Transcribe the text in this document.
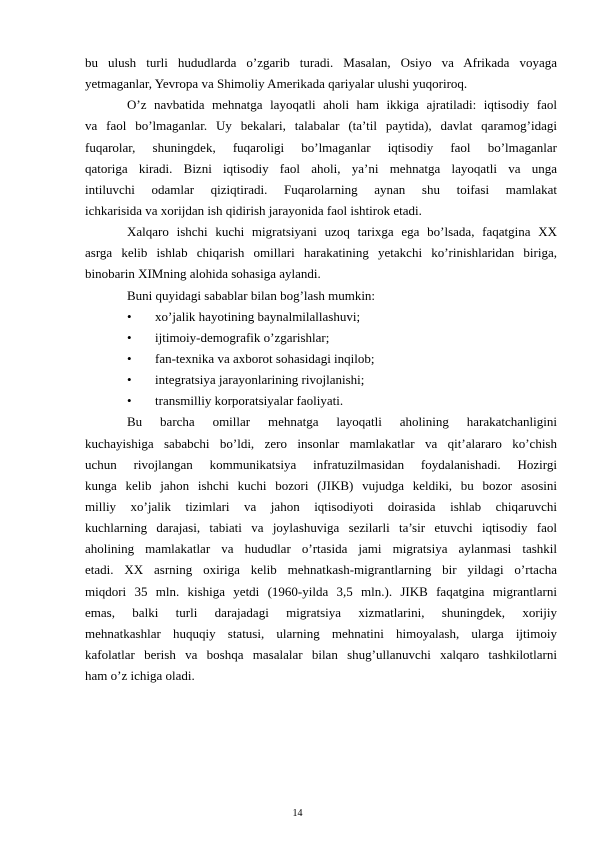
bu ulush turli hududlarda o’zgarib turadi. Masalan, Osiyo va Afrikada voyaga
yetmaganlar, Yevropa va Shimoliy Amerikada qariyalar ulushi yuqoriroq.
O’z navbatida mehnatga layoqatli aholi ham ikkiga ajratiladi: iqtisodiy faol
va faol bo’lmaganlar. Uy bekalari, talabalar (ta’til paytida), davlat qaramog’idagi
fuqarolar, shuningdek, fuqaroligi bo’lmaganlar iqtisodiy faol bo’lmaganlar
qatoriga kiradi. Bizni iqtisodiy faol aholi, ya’ni mehnatga layoqatli va unga
intiluvchi odamlar qiziqtiradi. Fuqarolarning aynan shu toifasi mamlakat
ichkarisida va xorijdan ish qidirish jarayonida faol ishtirok etadi.
Xalqaro ishchi kuchi migratsiyani uzoq tarixga ega bo’lsada, faqatgina XX
asrga kelib ishlab chiqarish omillari harakatining yetakchi ko’rinishlaridan biriga,
binobarin XIMning alohida sohasiga aylandi.
Buni quyidagi sabablar bilan bog’lash mumkin:
•	xo’jalik hayotining baynalmilallashuvi;
•	ijtimoiy-demografik o’zgarishlar;
•	fan-texnika va axborot sohasidagi inqilob;
•	integratsiya jarayonlarining rivojlanishi;
•	transmilliy korporatsiyalar faoliyati.
Bu barcha omillar mehnatga layoqatli aholining harakatchanligini
kuchayishiga sababchi bo’ldi, zero insonlar mamlakatlar va qit’alararo ko’chish
uchun rivojlangan kommunikatsiya infratuzilmasidan foydalanishadi. Hozirgi
kunga kelib jahon ishchi kuchi bozori (JIKB) vujudga keldiki, bu bozor asosini
milliy xo’jalik tizimlari va jahon iqtisodiyoti doirasida ishlab chiqaruvchi
kuchlarning darajasi, tabiati va joylashuviga sezilarli ta’sir etuvchi iqtisodiy faol
aholining mamlakatlar va hududlar o’rtasida jami migratsiya aylanmasi tashkil
etadi. XX asrning oxiriga kelib mehnatkash-migrantlarning bir yildagi o’rtacha
miqdori 35 mln. kishiga yetdi (1960-yilda 3,5 mln.). JIKB faqatgina migrantlarni
emas, balki turli darajadagi migratsiya xizmatlarini, shuningdek, xorijiy
mehnatkashlar huquqiy statusi, ularning mehnatini himoyalash, ularga ijtimoiy
kafolatlar berish va boshqa masalalar bilan shug’ullanuvchi xalqaro tashkilotlarni
ham o’z ichiga oladi.
14
